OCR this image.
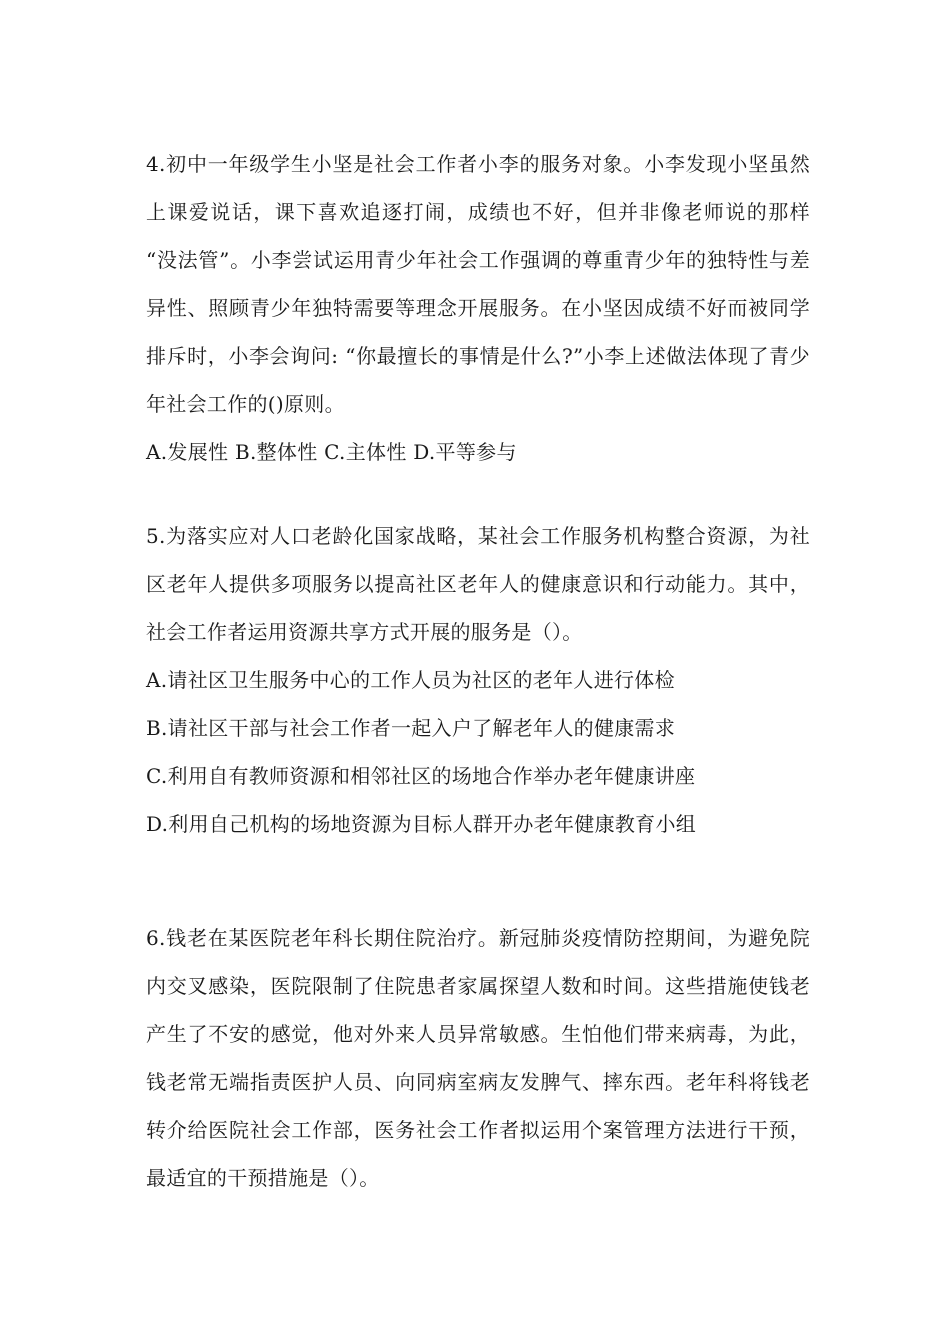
4.初中一年级学生小坚是社会工作者小李的服务对象。小李发现小坚虽然上课爱说话，课下喜欢追逐打闹，成绩也不好，但并非像老师说的那样 “没法管”。小李尝试运用青少年社会工作强调的尊重青少年的独特性与差异性、照顾青少年独特需要等理念开展服务。在小坚因成绩不好而被同学排斥时，小李会询问: “你最擅长的事情是什么?”小李上述做法体现了青少年社会工作的()原则。

A.发展性 B.整体性 C.主体性 D.平等参与

5.为落实应对人口老龄化国家战略，某社会工作服务机构整合资源，为社区老年人提供多项服务以提高社区老年人的健康意识和行动能力。其中，社会工作者运用资源共享方式开展的服务是（）。

A.请社区卫生服务中心的工作人员为社区的老年人进行体检

B.请社区干部与社会工作者一起入户了解老年人的健康需求

C.利用自有教师资源和相邻社区的场地合作举办老年健康讲座

D.利用自己机构的场地资源为目标人群开办老年健康教育小组

6.钱老在某医院老年科长期住院治疗。新冠肺炎疫情防控期间，为避免院内交叉感染，医院限制了住院患者家属探望人数和时间。这些措施使钱老产生了不安的感觉，他对外来人员异常敏感。生怕他们带来病毒，为此，钱老常无端指责医护人员、向同病室病友发脾气、摔东西。老年科将钱老转介给医院社会工作部，医务社会工作者拟运用个案管理方法进行干预，最适宜的干预措施是（）。
